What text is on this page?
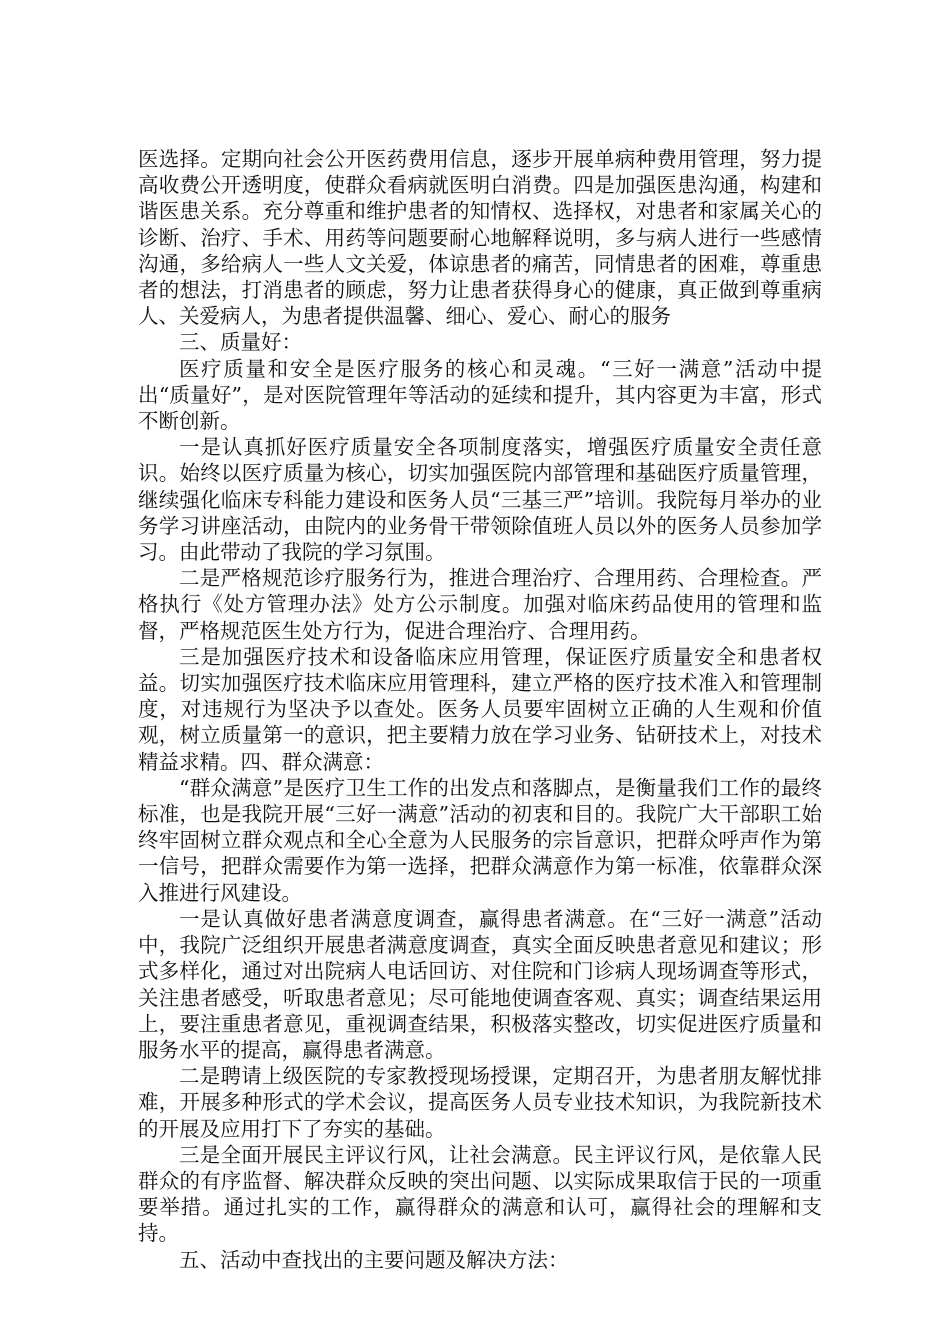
医选择。定期向社会公开医药费用信息，逐步开展单病种费用管理，努力提高收费公开透明度，使群众看病就医明白消费。四是加强医患沟通，构建和谐医患关系。充分尊重和维护患者的知情权、选择权，对患者和家属关心的诊断、治疗、手术、用药等问题要耐心地解释说明，多与病人进行一些感情沟通，多给病人一些人文关爱，体谅患者的痛苦，同情患者的困难，尊重患者的想法，打消患者的顾虑，努力让患者获得身心的健康，真正做到尊重病人、关爱病人，为患者提供温馨、细心、爱心、耐心的服务

三、质量好：

医疗质量和安全是医疗服务的核心和灵魂。“三好一满意”活动中提出“质量好”，是对医院管理年等活动的延续和提升，其内容更为丰富，形式不断创新。

一是认真抓好医疗质量安全各项制度落实，增强医疗质量安全责任意识。始终以医疗质量为核心，切实加强医院内部管理和基础医疗质量管理，继续强化临床专科能力建设和医务人员“三基三严”培训。我院每月举办的业务学习讲座活动，由院内的业务骨干带领除值班人员以外的医务人员参加学习。由此带动了我院的学习氛围。

二是严格规范诊疗服务行为，推进合理治疗、合理用药、合理检查。严格执行《处方管理办法》处方公示制度。加强对临床药品使用的管理和监督，严格规范医生处方行为，促进合理治疗、合理用药。

三是加强医疗技术和设备临床应用管理，保证医疗质量安全和患者权益。切实加强医疗技术临床应用管理科，建立严格的医疗技术准入和管理制度，对违规行为坚决予以查处。医务人员要牢固树立正确的人生观和价值观，树立质量第一的意识，把主要精力放在学习业务、钻研技术上，对技术精益求精。四、群众满意：

“群众满意”是医疗卫生工作的出发点和落脚点，是衡量我们工作的最终标准，也是我院开展“三好一满意”活动的初衷和目的。我院广大干部职工始终牢固树立群众观点和全心全意为人民服务的宗旨意识，把群众呼声作为第一信号，把群众需要作为第一选择，把群众满意作为第一标准，依靠群众深入推进行风建设。

一是认真做好患者满意度调查，赢得患者满意。在“三好一满意”活动中，我院广泛组织开展患者满意度调查，真实全面反映患者意见和建议；形式多样化，通过对出院病人电话回访、对住院和门诊病人现场调查等形式，关注患者感受，听取患者意见；尽可能地使调查客观、真实；调查结果运用上，要注重患者意见，重视调查结果，积极落实整改，切实促进医疗质量和服务水平的提高，赢得患者满意。

二是聘请上级医院的专家教授现场授课，定期召开，为患者朋友解忧排难，开展多种形式的学术会议，提高医务人员专业技术知识，为我院新技术的开展及应用打下了夯实的基础。

三是全面开展民主评议行风，让社会满意。民主评议行风，是依靠人民群众的有序监督、解决群众反映的突出问题、以实际成果取信于民的一项重要举措。通过扎实的工作，赢得群众的满意和认可，赢得社会的理解和支持。

五、活动中查找出的主要问题及解决方法：
